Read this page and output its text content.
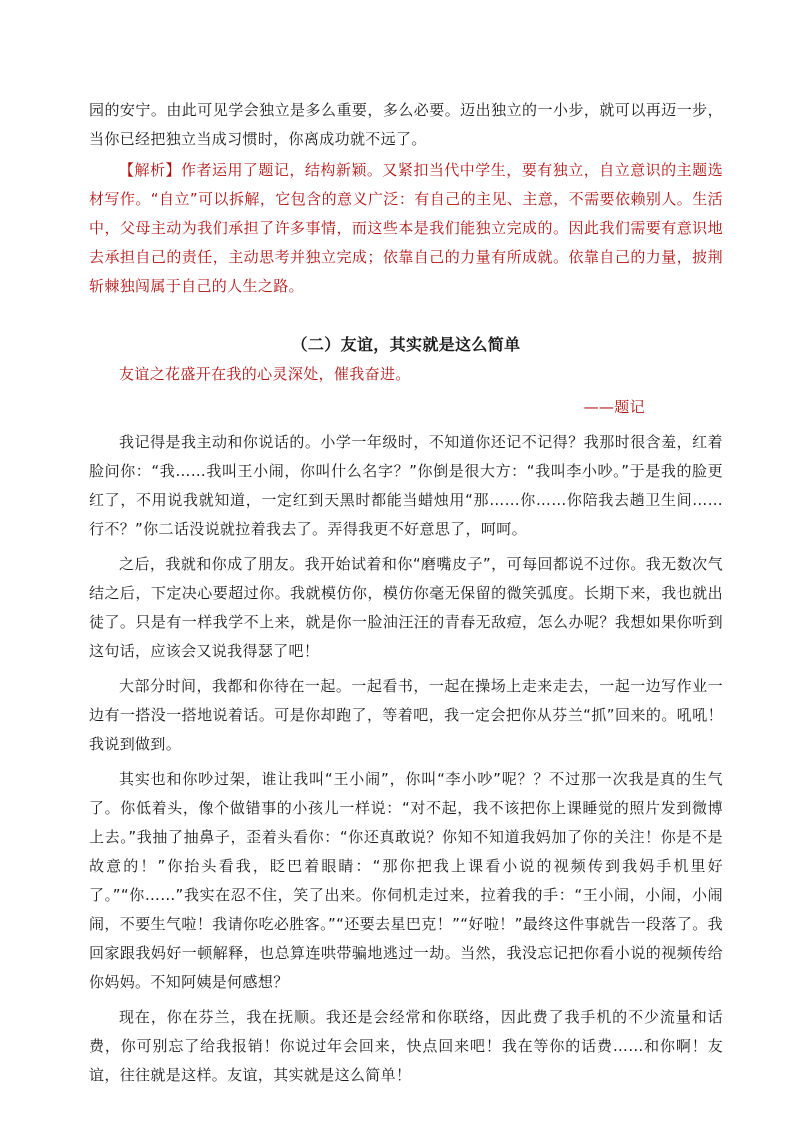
园的安宁。由此可见学会独立是多么重要，多么必要。迈出独立的一小步，就可以再迈一步，当你已经把独立当成习惯时，你离成功就不远了。

【解析】作者运用了题记，结构新颖。又紧扣当代中学生，要有独立，自立意识的主题选材写作。“自立”可以拆解，它包含的意义广泛：有自己的主见、主意，不需要依赖别人。生活中，父母主动为我们承担了许多事情，而这些本是我们能独立完成的。因此我们需要有意识地去承担自己的责任，主动思考并独立完成；依靠自己的力量有所成就。依靠自己的力量，披荆斩棘独闯属于自己的人生之路。

（二）友谊，其实就是这么简单

友谊之花盛开在我的心灵深处，催我奋进。

——题记

我记得是我主动和你说话的。小学一年级时，不知道你还记不记得？我那时很含羞，红着脸问你：“我……我叫王小闹，你叫什么名字？”你倒是很大方：“我叫李小吵。”于是我的脸更红了，不用说我就知道，一定红到天黑时都能当蜡烛用“那……你……你陪我去趟卫生间……行不？”你二话没说就拉着我去了。弄得我更不好意思了，呵呵。

之后，我就和你成了朋友。我开始试着和你“磨嘴皮子”，可每回都说不过你。我无数次气结之后，下定决心要超过你。我就模仿你，模仿你毫无保留的微笑弧度。长期下来，我也就出徒了。只是有一样我学不上来，就是你一脸油汪汪的青春无敌痘，怎么办呢？我想如果你听到这句话，应该会又说我得瑟了吧！

大部分时间，我都和你待在一起。一起看书，一起在操场上走来走去，一起一边写作业一边有一搭没一搭地说着话。可是你却跑了，等着吧，我一定会把你从芬兰“抓”回来的。吼吼！我说到做到。

其实也和你吵过架，谁让我叫“王小闹”，你叫“李小吵”呢？？不过那一次我是真的生气了。你低着头，像个做错事的小孩儿一样说：“对不起，我不该把你上课睡觉的照片发到微博上去。”我抽了抽鼻子，歪着头看你：“你还真敢说？你知不知道我妈加了你的关注！你是不是故意的！”你抬头看我，眨巴着眼睛：“那你把我上课看小说的视频传到我妈手机里好了。”“你……”我实在忍不住，笑了出来。你伺机走过来，拉着我的手：“王小闹，小闹，小闹闹，不要生气啦！我请你吃必胜客。”“还要去星巴克！”“好啦！”最终这件事就告一段落了。我回家跟我妈好一顿解释，也总算连哄带骗地逃过一劫。当然，我没忘记把你看小说的视频传给你妈妈。不知阿姨是何感想？

现在，你在芬兰，我在抚顺。我还是会经常和你联络，因此费了我手机的不少流量和话费，你可别忘了给我报销！你说过年会回来，快点回来吧！我在等你的话费……和你啊！友谊，往往就是这样。友谊，其实就是这么简单！
